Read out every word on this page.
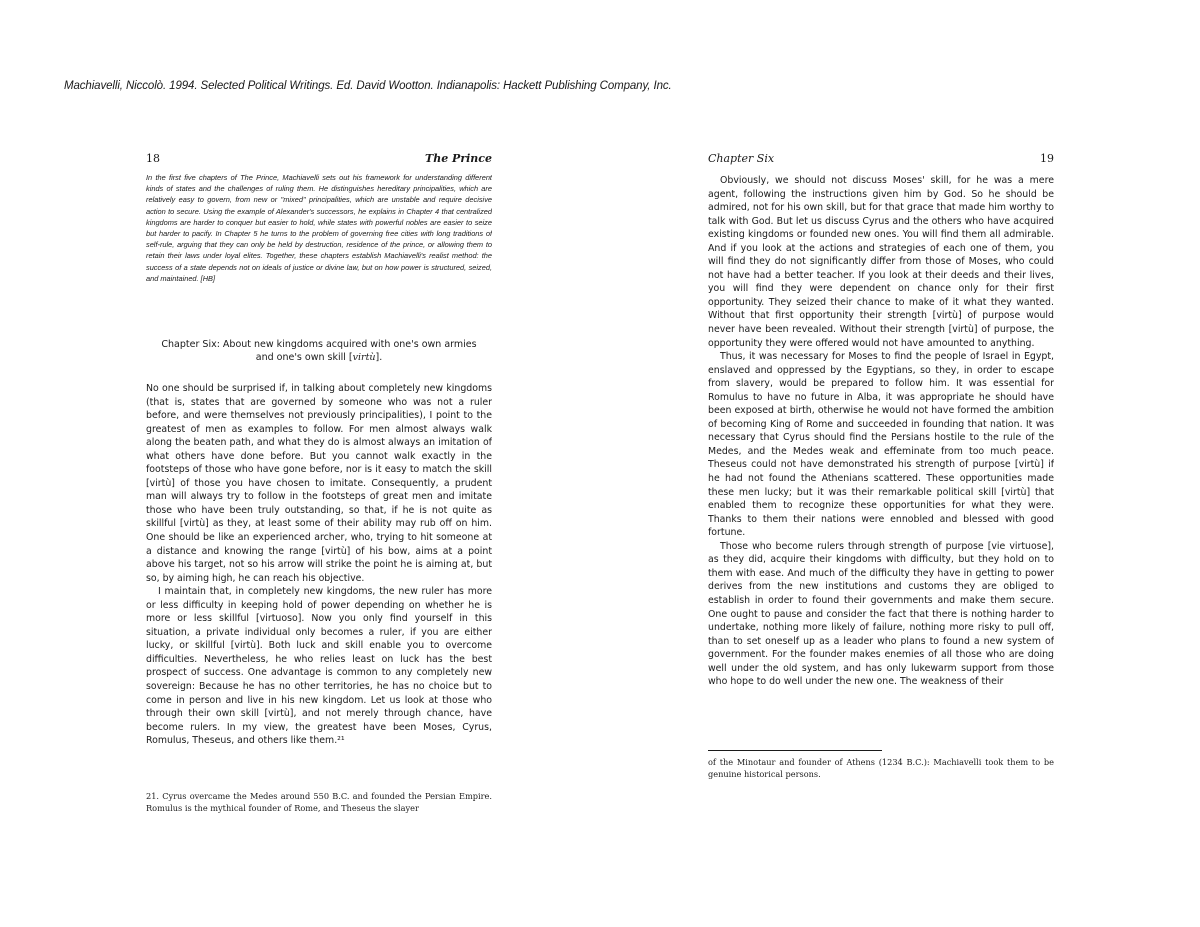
Machiavelli, Niccolò. 1994. Selected Political Writings. Ed. David Wootton. Indianapolis: Hackett Publishing Company, Inc.
18	The Prince
In the first five chapters of The Prince, Machiavelli sets out his framework for understanding different kinds of states and the challenges of ruling them. He distinguishes hereditary principalities, which are relatively easy to govern, from new or "mixed" principalities, which are unstable and require decisive action to secure. Using the example of Alexander's successors, he explains in Chapter 4 that centralized kingdoms are harder to conquer but easier to hold, while states with powerful nobles are easier to seize but harder to pacify. In Chapter 5 he turns to the problem of governing free cities with long traditions of self-rule, arguing that they can only be held by destruction, residence of the prince, or allowing them to retain their laws under loyal elites. Together, these chapters establish Machiavelli's realist method: the success of a state depends not on ideals of justice or divine law, but on how power is structured, seized, and maintained. [HB]
Chapter Six: About new kingdoms acquired with one's own armies
and one's own skill [virtù].

No one should be surprised if, in talking about completely new kingdoms (that is, states that are governed by someone who was not a ruler before, and were themselves not previously principalities), I point to the greatest of men as examples to follow. For men almost always walk along the beaten path, and what they do is almost always an imitation of what others have done before. But you cannot walk exactly in the footsteps of those who have gone before, nor is it easy to match the skill [virtù] of those you have chosen to imitate. Consequently, a prudent man will always try to follow in the footsteps of great men and imitate those who have been truly outstanding, so that, if he is not quite as skillful [virtù] as they, at least some of their ability may rub off on him. One should be like an experienced archer, who, trying to hit someone at a distance and knowing the range [virtù] of his bow, aims at a point above his target, not so his arrow will strike the point he is aiming at, but so, by aiming high, he can reach his objective.

I maintain that, in completely new kingdoms, the new ruler has more or less difficulty in keeping hold of power depending on whether he is more or less skillful [virtuoso]. Now you only find yourself in this situation, a private individual only becomes a ruler, if you are either lucky, or skillful [virtù]. Both luck and skill enable you to overcome difficulties. Nevertheless, he who relies least on luck has the best prospect of success. One advantage is common to any completely new sovereign: Because he has no other territories, he has no choice but to come in person and live in his new kingdom. Let us look at those who through their own skill [virtù], and not merely through chance, have become rulers. In my view, the greatest have been Moses, Cyrus, Romulus, Theseus, and others like them.²¹

21. Cyrus overcame the Medes around 550 B.C. and founded the Persian Empire. Romulus is the mythical founder of Rome, and Theseus the slayer
Chapter Six	19

Obviously, we should not discuss Moses' skill, for he was a mere agent, following the instructions given him by God. So he should be admired, not for his own skill, but for that grace that made him worthy to talk with God. But let us discuss Cyrus and the others who have acquired existing kingdoms or founded new ones. You will find them all admirable. And if you look at the actions and strategies of each one of them, you will find they do not significantly differ from those of Moses, who could not have had a better teacher. If you look at their deeds and their lives, you will find they were dependent on chance only for their first opportunity. They seized their chance to make of it what they wanted. Without that first opportunity their strength [virtù] of purpose would never have been revealed. Without their strength [virtù] of purpose, the opportunity they were offered would not have amounted to anything.

Thus, it was necessary for Moses to find the people of Israel in Egypt, enslaved and oppressed by the Egyptians, so they, in order to escape from slavery, would be prepared to follow him. It was essential for Romulus to have no future in Alba, it was appropriate he should have been exposed at birth, otherwise he would not have formed the ambition of becoming King of Rome and succeeded in founding that nation. It was necessary that Cyrus should find the Persians hostile to the rule of the Medes, and the Medes weak and effeminate from too much peace. Theseus could not have demonstrated his strength of purpose [virtù] if he had not found the Athenians scattered. These opportunities made these men lucky; but it was their remarkable political skill [virtù] that enabled them to recognize these opportunities for what they were. Thanks to them their nations were ennobled and blessed with good fortune.

Those who become rulers through strength of purpose [vie virtuose], as they did, acquire their kingdoms with difficulty, but they hold on to them with ease. And much of the difficulty they have in getting to power derives from the new institutions and customs they are obliged to establish in order to found their governments and make them secure. One ought to pause and consider the fact that there is nothing harder to undertake, nothing more likely of failure, nothing more risky to pull off, than to set oneself up as a leader who plans to found a new system of government. For the founder makes enemies of all those who are doing well under the old system, and has only lukewarm support from those who hope to do well under the new one. The weakness of their

of the Minotaur and founder of Athens (1234 B.C.): Machiavelli took them to be genuine historical persons.
